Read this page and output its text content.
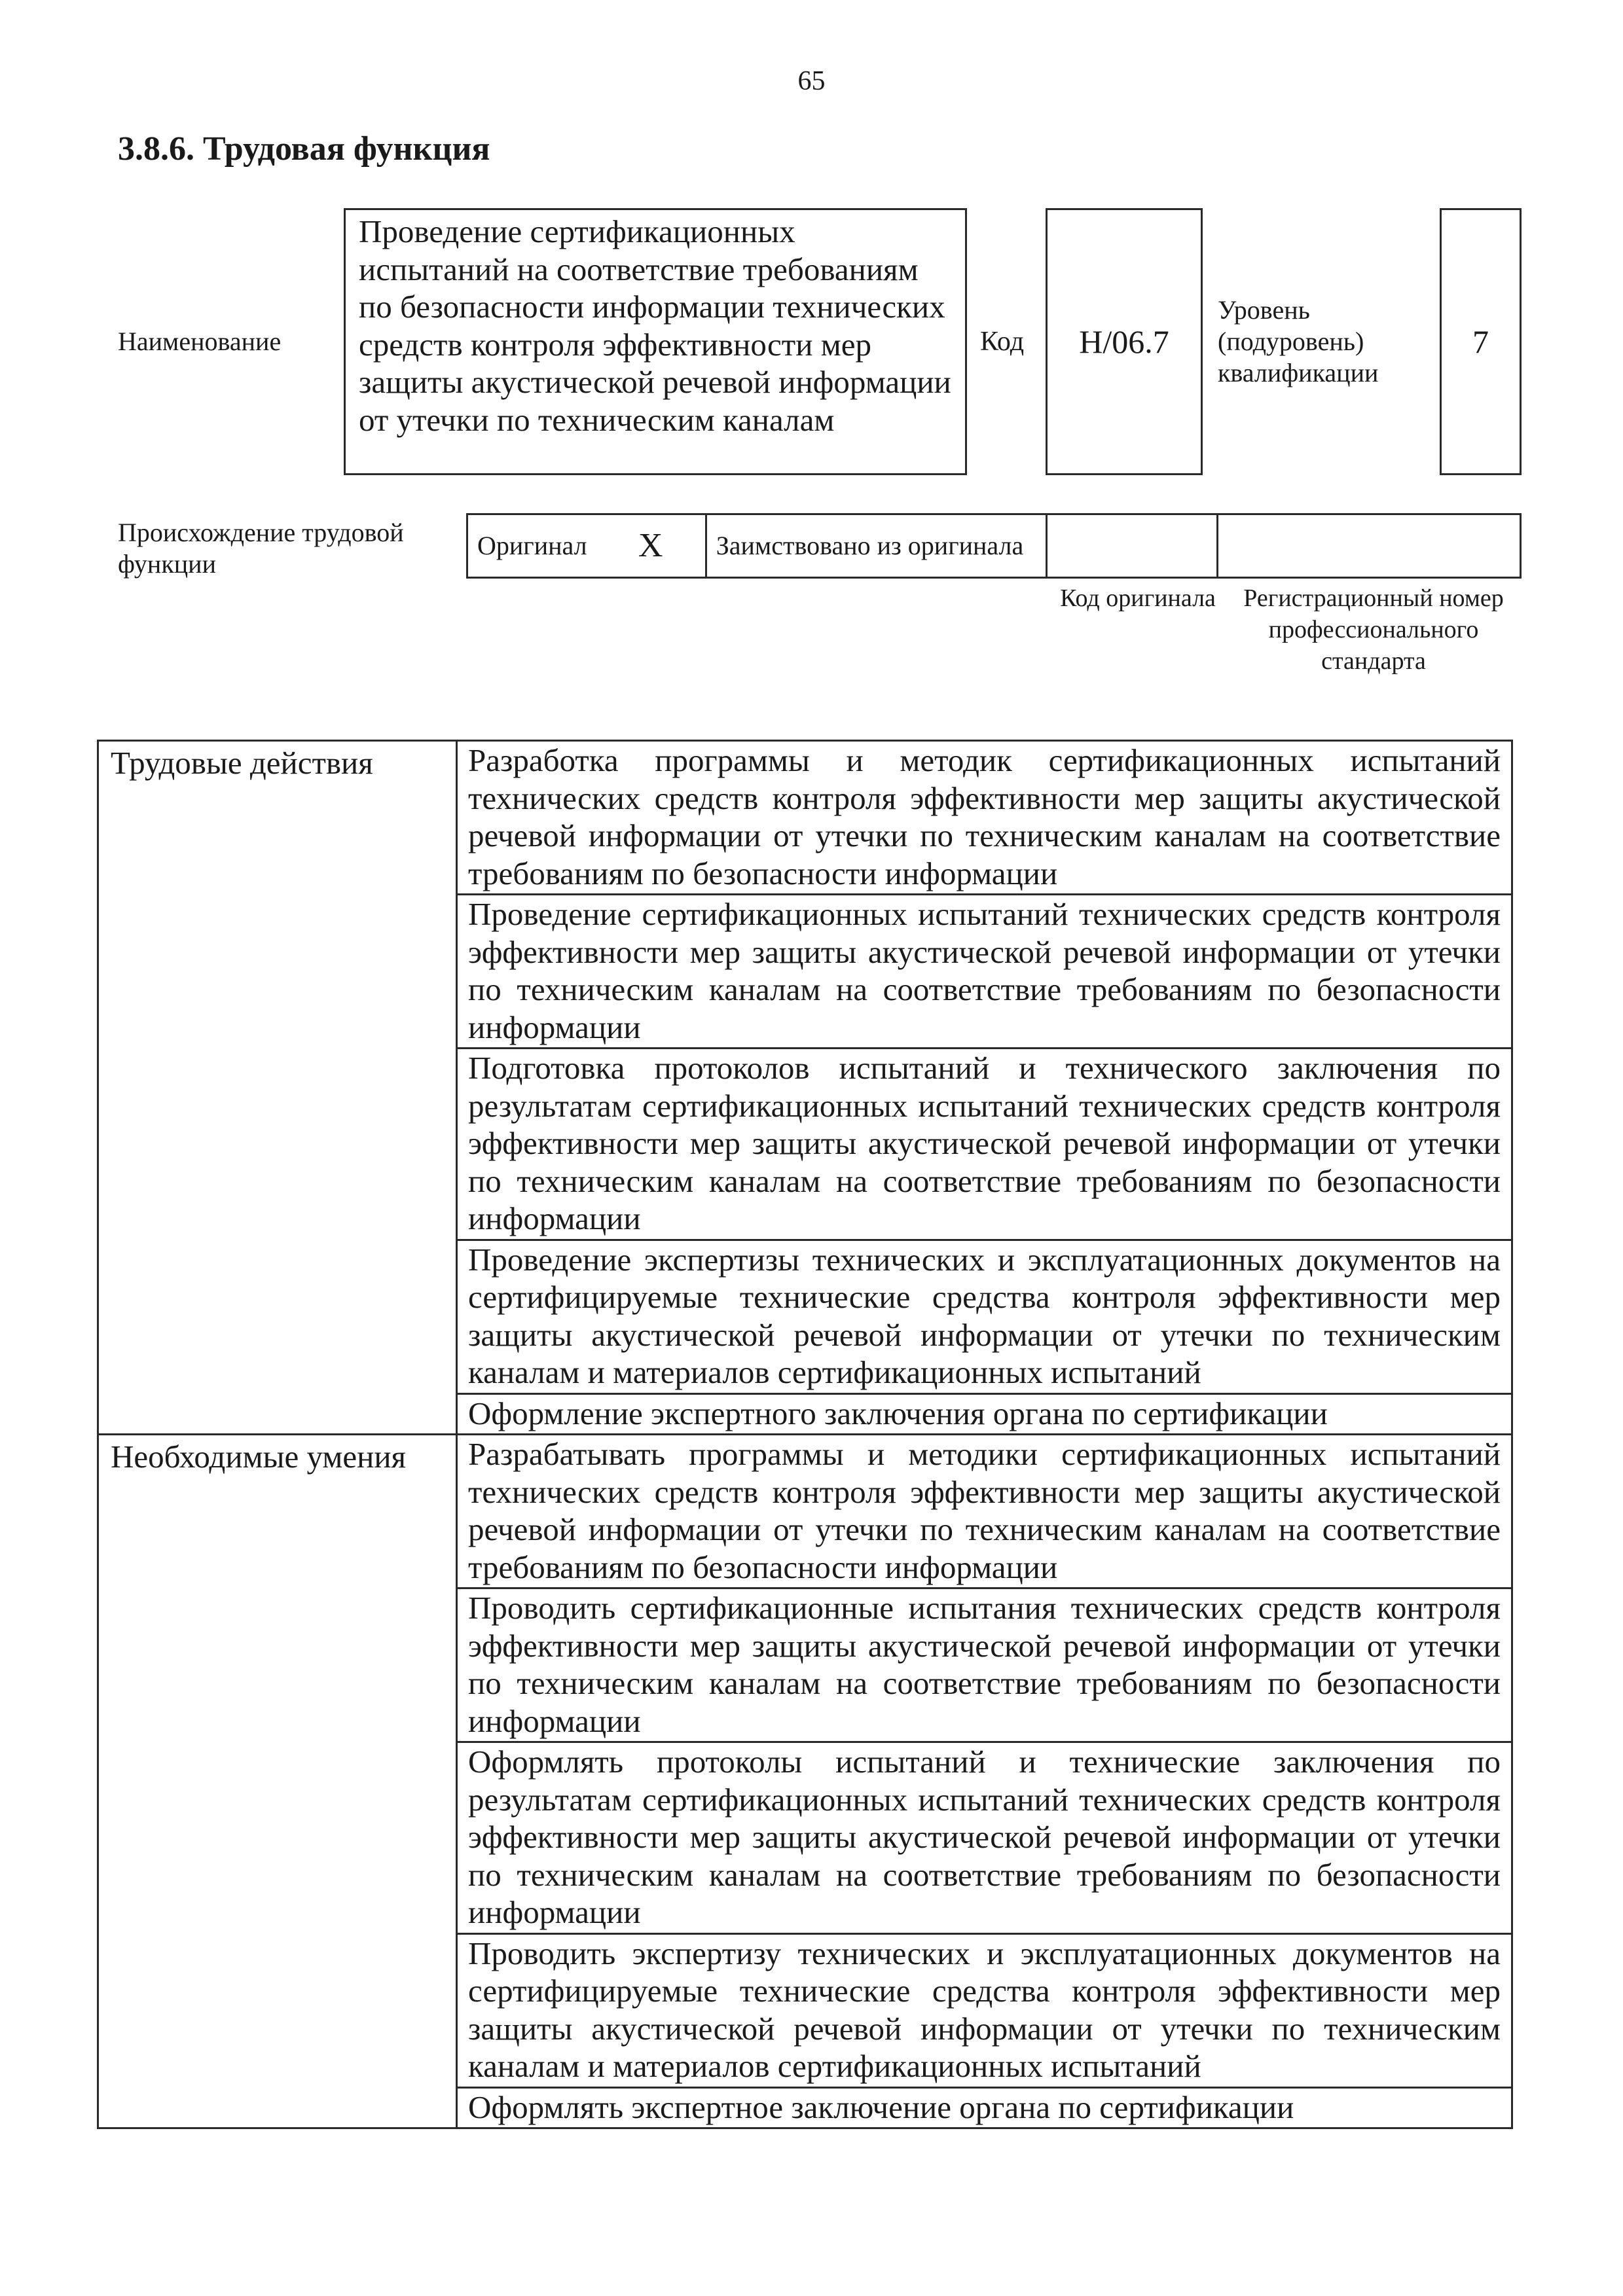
65
3.8.6. Трудовая функция
Наименование
Проведение сертификационных испытаний на соответствие требованиям по безопасности информации технических средств контроля эффективности мер защиты акустической речевой информации от утечки по техническим каналам
Код	H/06.7
Уровень (подуровень) квалификации
7
Происхождение трудовой функции
Оригинал	X	Заимствовано из оригинала		
Код оригинала	Регистрационный номер профессионального стандарта
Трудовые действия	Разработка программы и методик сертификационных испытаний технических средств контроля эффективности мер защиты акустической речевой информации от утечки по техническим каналам на соответствие требованиям по безопасности информации
	Проведение сертификационных испытаний технических средств контроля эффективности мер защиты акустической речевой информации от утечки по техническим каналам на соответствие требованиям по безопасности информации
	Подготовка протоколов испытаний и технического заключения по результатам сертификационных испытаний технических средств контроля эффективности мер защиты акустической речевой информации от утечки по техническим каналам на соответствие требованиям по безопасности информации
	Проведение экспертизы технических и эксплуатационных документов на сертифицируемые технические средства контроля эффективности мер защиты акустической речевой информации от утечки по техническим каналам и материалов сертификационных испытаний
	Оформление экспертного заключения органа по сертификации
Необходимые умения	Разрабатывать программы и методики сертификационных испытаний технических средств контроля эффективности мер защиты акустической речевой информации от утечки по техническим каналам на соответствие требованиям по безопасности информации
	Проводить сертификационные испытания технических средств контроля эффективности мер защиты акустической речевой информации от утечки по техническим каналам на соответствие требованиям по безопасности информации
	Оформлять протоколы испытаний и технические заключения по результатам сертификационных испытаний технических средств контроля эффективности мер защиты акустической речевой информации от утечки по техническим каналам на соответствие требованиям по безопасности информации
	Проводить экспертизу технических и эксплуатационных документов на сертифицируемые технические средства контроля эффективности мер защиты акустической речевой информации от утечки по техническим каналам и материалов сертификационных испытаний
	Оформлять экспертное заключение органа по сертификации
